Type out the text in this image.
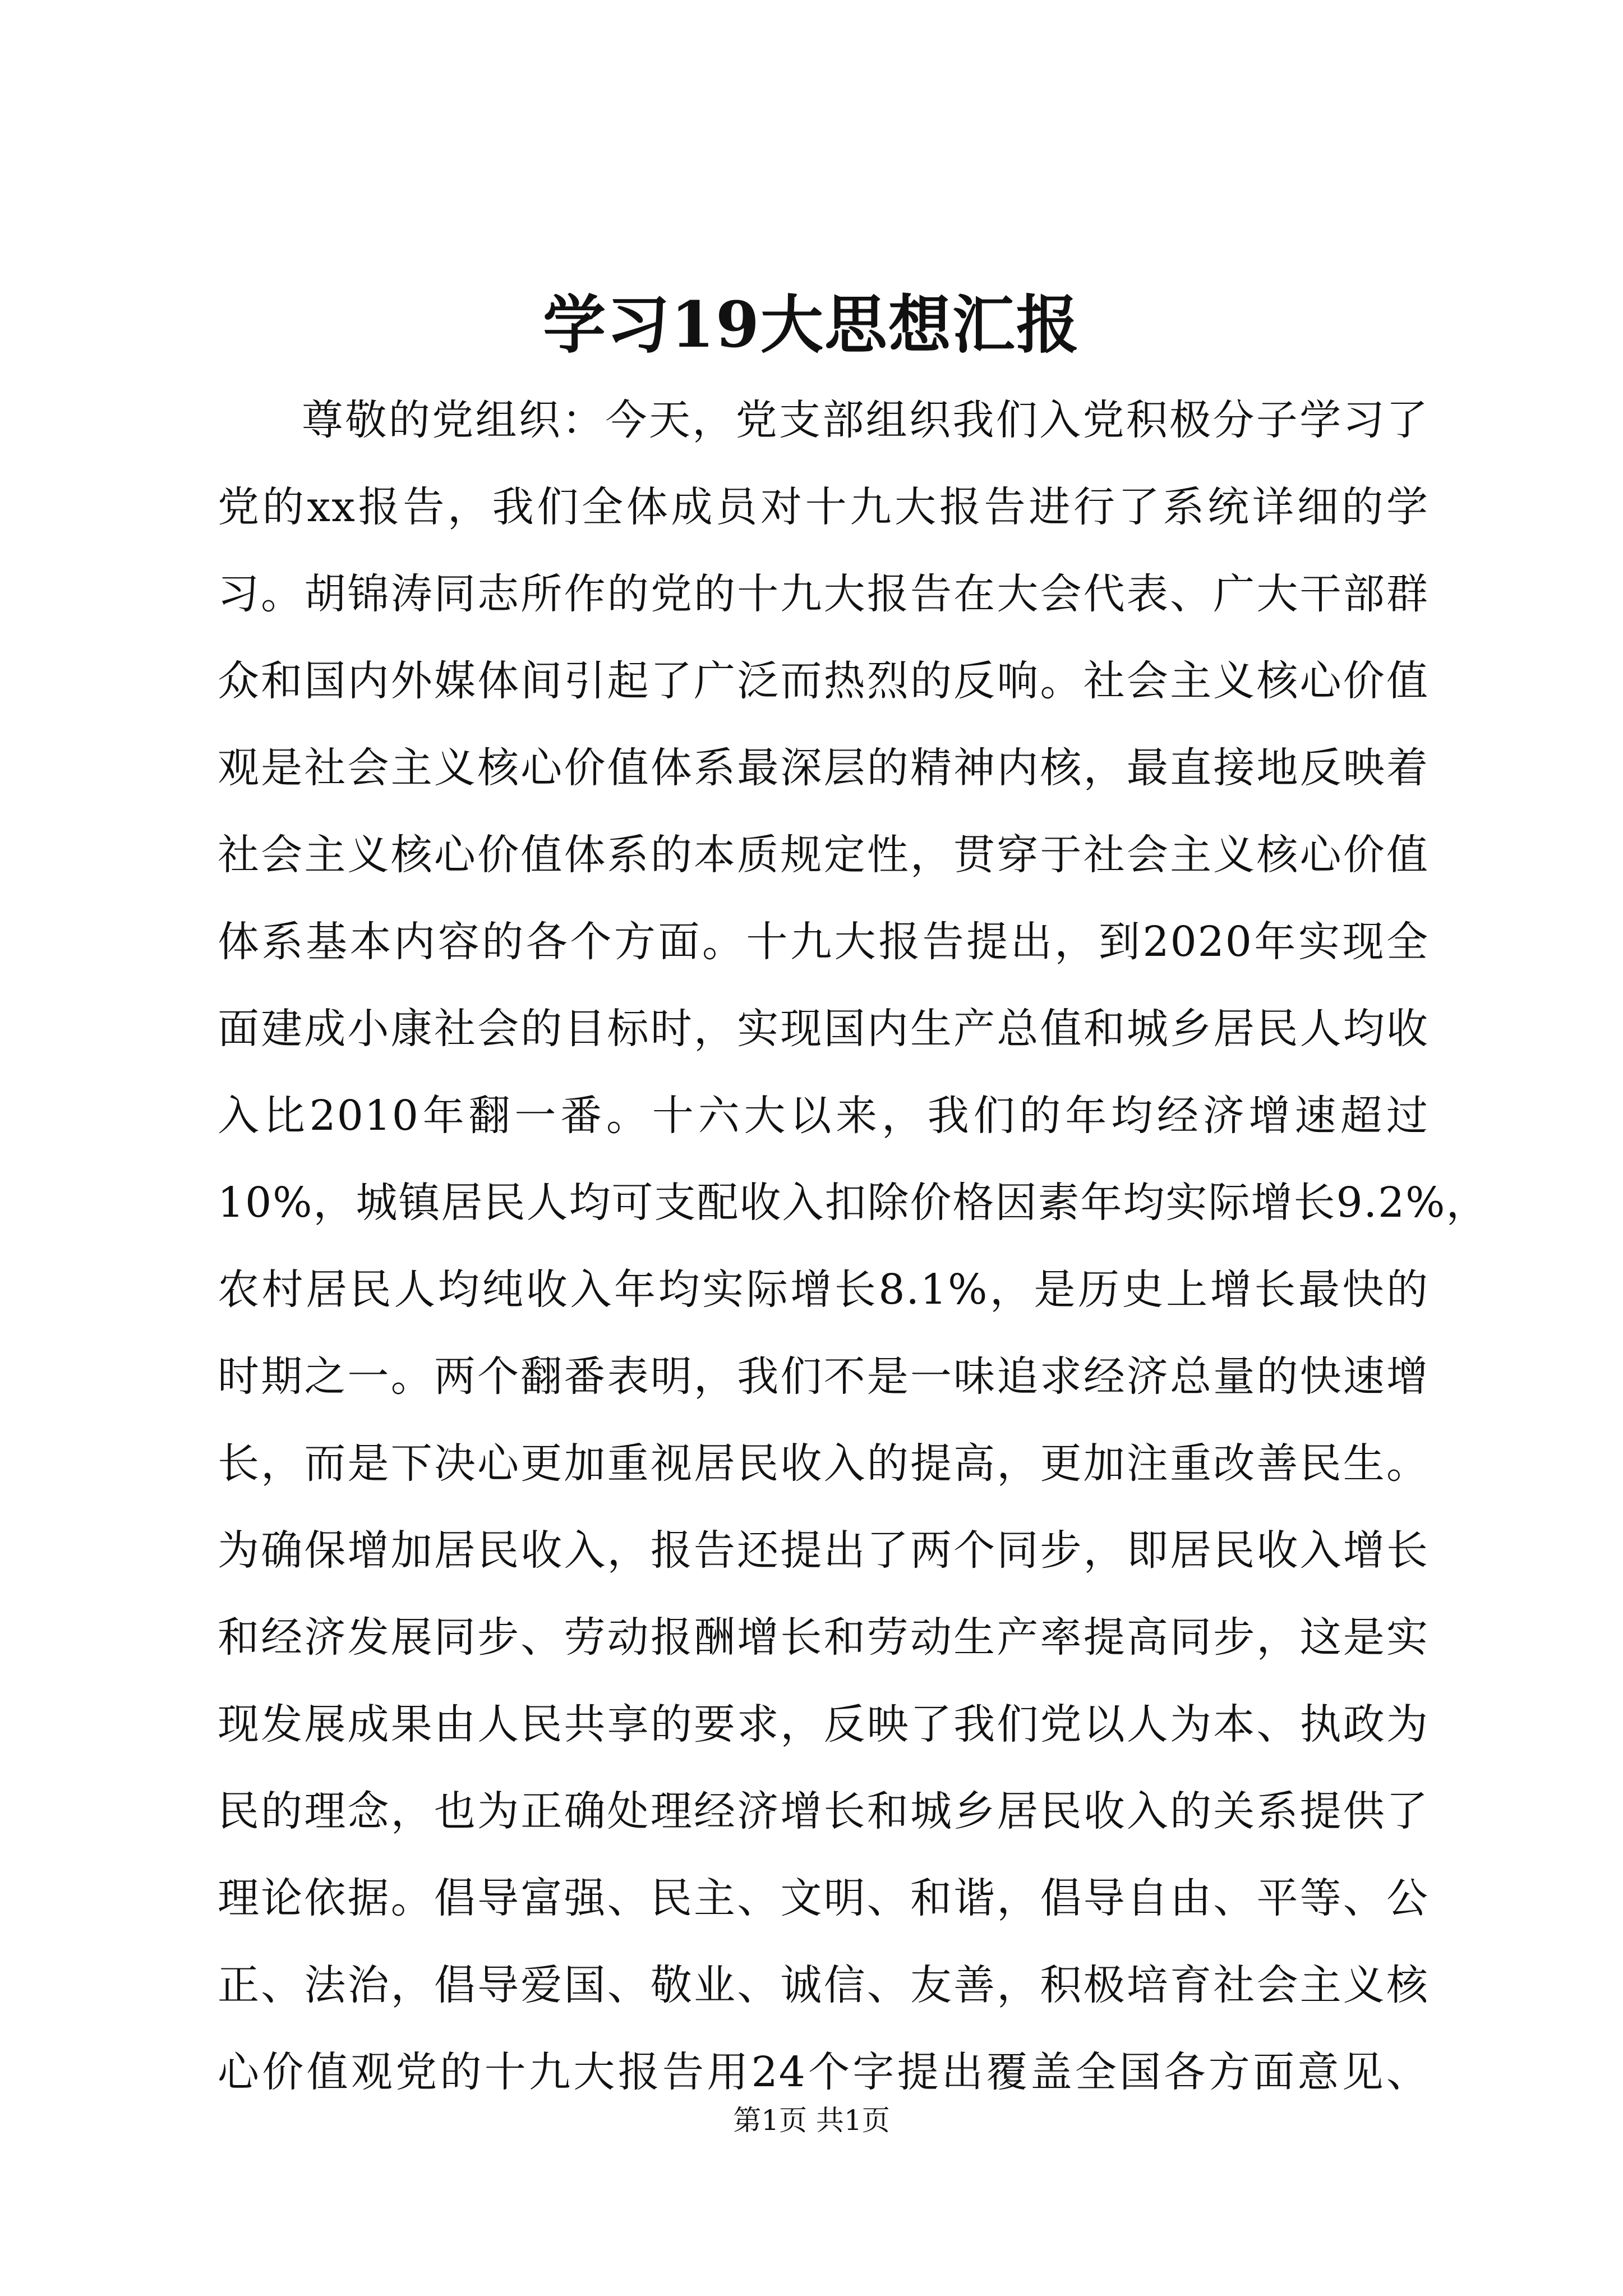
学习19大思想汇报
尊敬的党组织：今天，党支部组织我们入党积极分子学习了
党的xx报告，我们全体成员对十九大报告进行了系统详细的学
习。胡锦涛同志所作的党的十九大报告在大会代表、广大干部群
众和国内外媒体间引起了广泛而热烈的反响。社会主义核心价值
观是社会主义核心价值体系最深层的精神内核，最直接地反映着
社会主义核心价值体系的本质规定性，贯穿于社会主义核心价值
体系基本内容的各个方面。十九大报告提出，到2020年实现全
面建成小康社会的目标时，实现国内生产总值和城乡居民人均收
入比2010年翻一番。十六大以来，我们的年均经济增速超过
10%，城镇居民人均可支配收入扣除价格因素年均实际增长9.2%，
农村居民人均纯收入年均实际增长8.1%，是历史上增长最快的
时期之一。两个翻番表明，我们不是一味追求经济总量的快速增
长，而是下决心更加重视居民收入的提高，更加注重改善民生。
为确保增加居民收入，报告还提出了两个同步，即居民收入增长
和经济发展同步、劳动报酬增长和劳动生产率提高同步，这是实
现发展成果由人民共享的要求，反映了我们党以人为本、执政为
民的理念，也为正确处理经济增长和城乡居民收入的关系提供了
理论依据。倡导富强、民主、文明、和谐，倡导自由、平等、公
正、法治，倡导爱国、敬业、诚信、友善，积极培育社会主义核
心价值观党的十九大报告用24个字提出覆盖全国各方面意见、
第1页 共1页
